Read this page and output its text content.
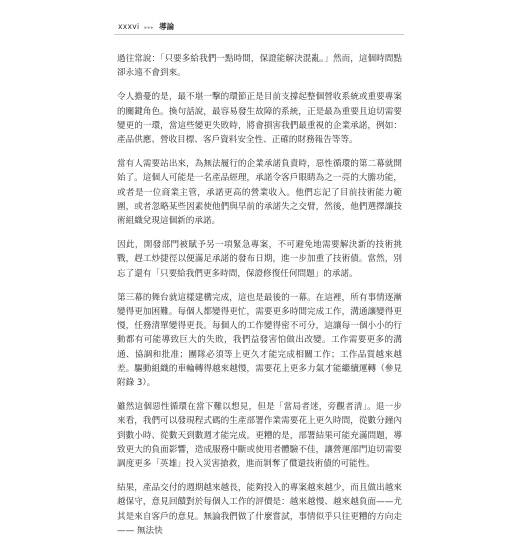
xxxvi ▸▸▸ 導論

過往常說：「只要多給我們一點時間，保證能解決混亂。」然而，這個時間點卻永遠不會到來。

令人擔憂的是，最不堪一擊的環節正是目前支撐起整個營收系統或重要專案的關鍵角色。換句話說，最容易發生故障的系統，正是最為重要且迫切需要變更的一環，當這些變更失敗時，將會損害我們最重視的企業承諾，例如：產品供應、營收目標、客戶資料安全性、正確的財務報告等等。

當有人需要站出來，為無法履行的企業承諾負責時，惡性循環的第二幕就開始了。這個人可能是一名產品經理，承諾令客戶眼睛為之一亮的大膽功能，或者是一位商業主管，承諾更高的營業收入。他們忘記了目前技術能力範圍，或者忽略某些因素使他們與早前的承諾失之交臂，然後，他們選擇讓技術組織兌現這個新的承諾。

因此，開發部門被賦予另一項緊急專案，不可避免地需要解決新的技術挑戰，趕工炒捷徑以便滿足承諾的發布日期，進一步加重了技術債。當然，別忘了還有「只要給我們更多時間，保證修復任何問題」的承諾。

第三幕的舞台就這樣建構完成，這也是最後的一幕。在這裡，所有事情逐漸變得更加困難。每個人都變得更忙，需要更多時間完成工作，溝通讓變得更慢，任務清單變得更長。每個人的工作變得密不可分，這讓每一個小小的行動都有可能導致巨大的失敗，我們益發害怕做出改變。工作需要更多的溝通、協調和批准；團隊必須等上更久才能完成相關工作；工作品質越來越差。驅動組織的車輪轉得越來越慢，需要花上更多力氣才能繼續運轉（參見附錄 3）。

雖然這個惡性循環在當下難以想見，但是「當局者迷，旁觀者清」。退一步來看，我們可以發現程式碼的生產部署作業需要花上更久時間，從數分鐘內到數小時、從數天到數週才能完成。更糟的是，部署結果可能充滿問題，導致更大的負面影響，造成服務中斷或使用者體驗不佳，讓營運部門迫切需要調度更多「英雄」投入災害搶救，進而剝奪了償還技術債的可能性。

結果，產品交付的週期越來越長，能夠投入的專案越來越少，而且做出越來越保守，意見回饋對於每個人工作的評價是：越來越慢、越來越負面——尤其是來自客戶的意見。無論我們做了什麼嘗試，事情似乎只往更糟的方向走 —— 無法快
